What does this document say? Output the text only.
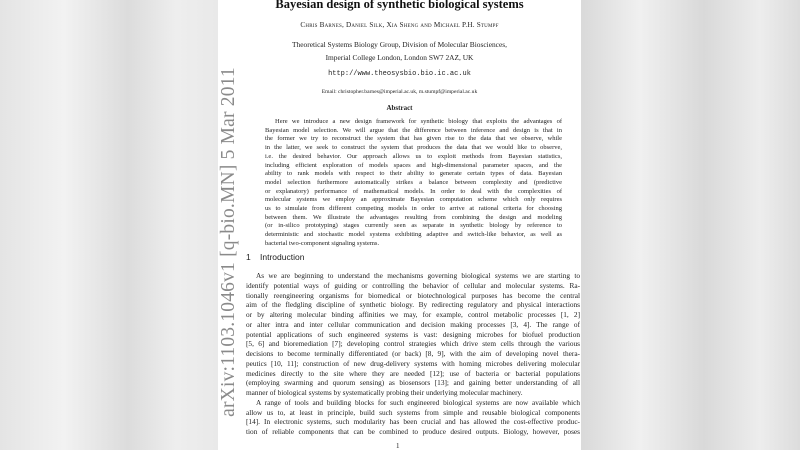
arXiv:1103.1046v1 [q-bio.MN] 5 Mar 2011
Bayesian design of synthetic biological systems
Chris Barnes, Daniel Silk, Xia Sheng and Michael P.H. Stumpf
Theoretical Systems Biology Group, Division of Molecular Biosciences,
Imperial College London, London SW7 2AZ, UK
http://www.theosysbio.bio.ic.ac.uk
Email: christopher.barnes@imperial.ac.uk, m.stumpf@imperial.ac.uk
Abstract
Here we introduce a new design framework for synthetic biology that exploits the advantages of
Bayesian model selection. We will argue that the difference between inference and design is that in
the former we try to reconstruct the system that has given rise to the data that we observe, while
in the latter, we seek to construct the system that produces the data that we would like to observe,
i.e. the desired behavior. Our approach allows us to exploit methods from Bayesian statistics,
including efficient exploration of models spaces and high-dimensional parameter spaces, and the
ability to rank models with respect to their ability to generate certain types of data. Bayesian
model selection furthermore automatically strikes a balance between complexity and (predictive
or explanatory) performance of mathematical models. In order to deal with the complexities of
molecular systems we employ an approximate Bayesian computation scheme which only requires
us to simulate from different competing models in order to arrive at rational criteria for choosing
between them. We illustrate the advantages resulting from combining the design and modeling
(or in-silico prototyping) stages currently seen as separate in synthetic biology by reference to
deterministic and stochastic model systems exhibiting adaptive and switch-like behavior, as well as
bacterial two-component signaling systems.
1 Introduction
As we are beginning to understand the mechanisms governing biological systems we are starting to
identify potential ways of guiding or controlling the behavior of cellular and molecular systems. Ra-
tionally reengineering organisms for biomedical or biotechnological purposes has become the central
aim of the fledgling discipline of synthetic biology. By redirecting regulatory and physical interactions
or by altering molecular binding affinities we may, for example, control metabolic processes [1, 2]
or alter intra and inter cellular communication and decision making processes [3, 4]. The range of
potential applications of such engineered systems is vast: designing microbes for biofuel production
[5, 6] and bioremediation [7]; developing control strategies which drive stem cells through the various
decisions to become terminally differentiated (or back) [8, 9], with the aim of developing novel thera-
peutics [10, 11]; construction of new drug-delivery systems with homing microbes delivering molecular
medicines directly to the site where they are needed [12]; use of bacteria or bacterial populations
(employing swarming and quorum sensing) as biosensors [13]; and gaining better understanding of all
manner of biological systems by systematically probing their underlying molecular machinery.
A range of tools and building blocks for such engineered biological systems are now available which
allow us to, at least in principle, build such systems from simple and reusable biological components
[14]. In electronic systems, such modularity has been crucial and has allowed the cost-effective produc-
tion of reliable components that can be combined to produce desired outputs. Biology, however, poses
1
